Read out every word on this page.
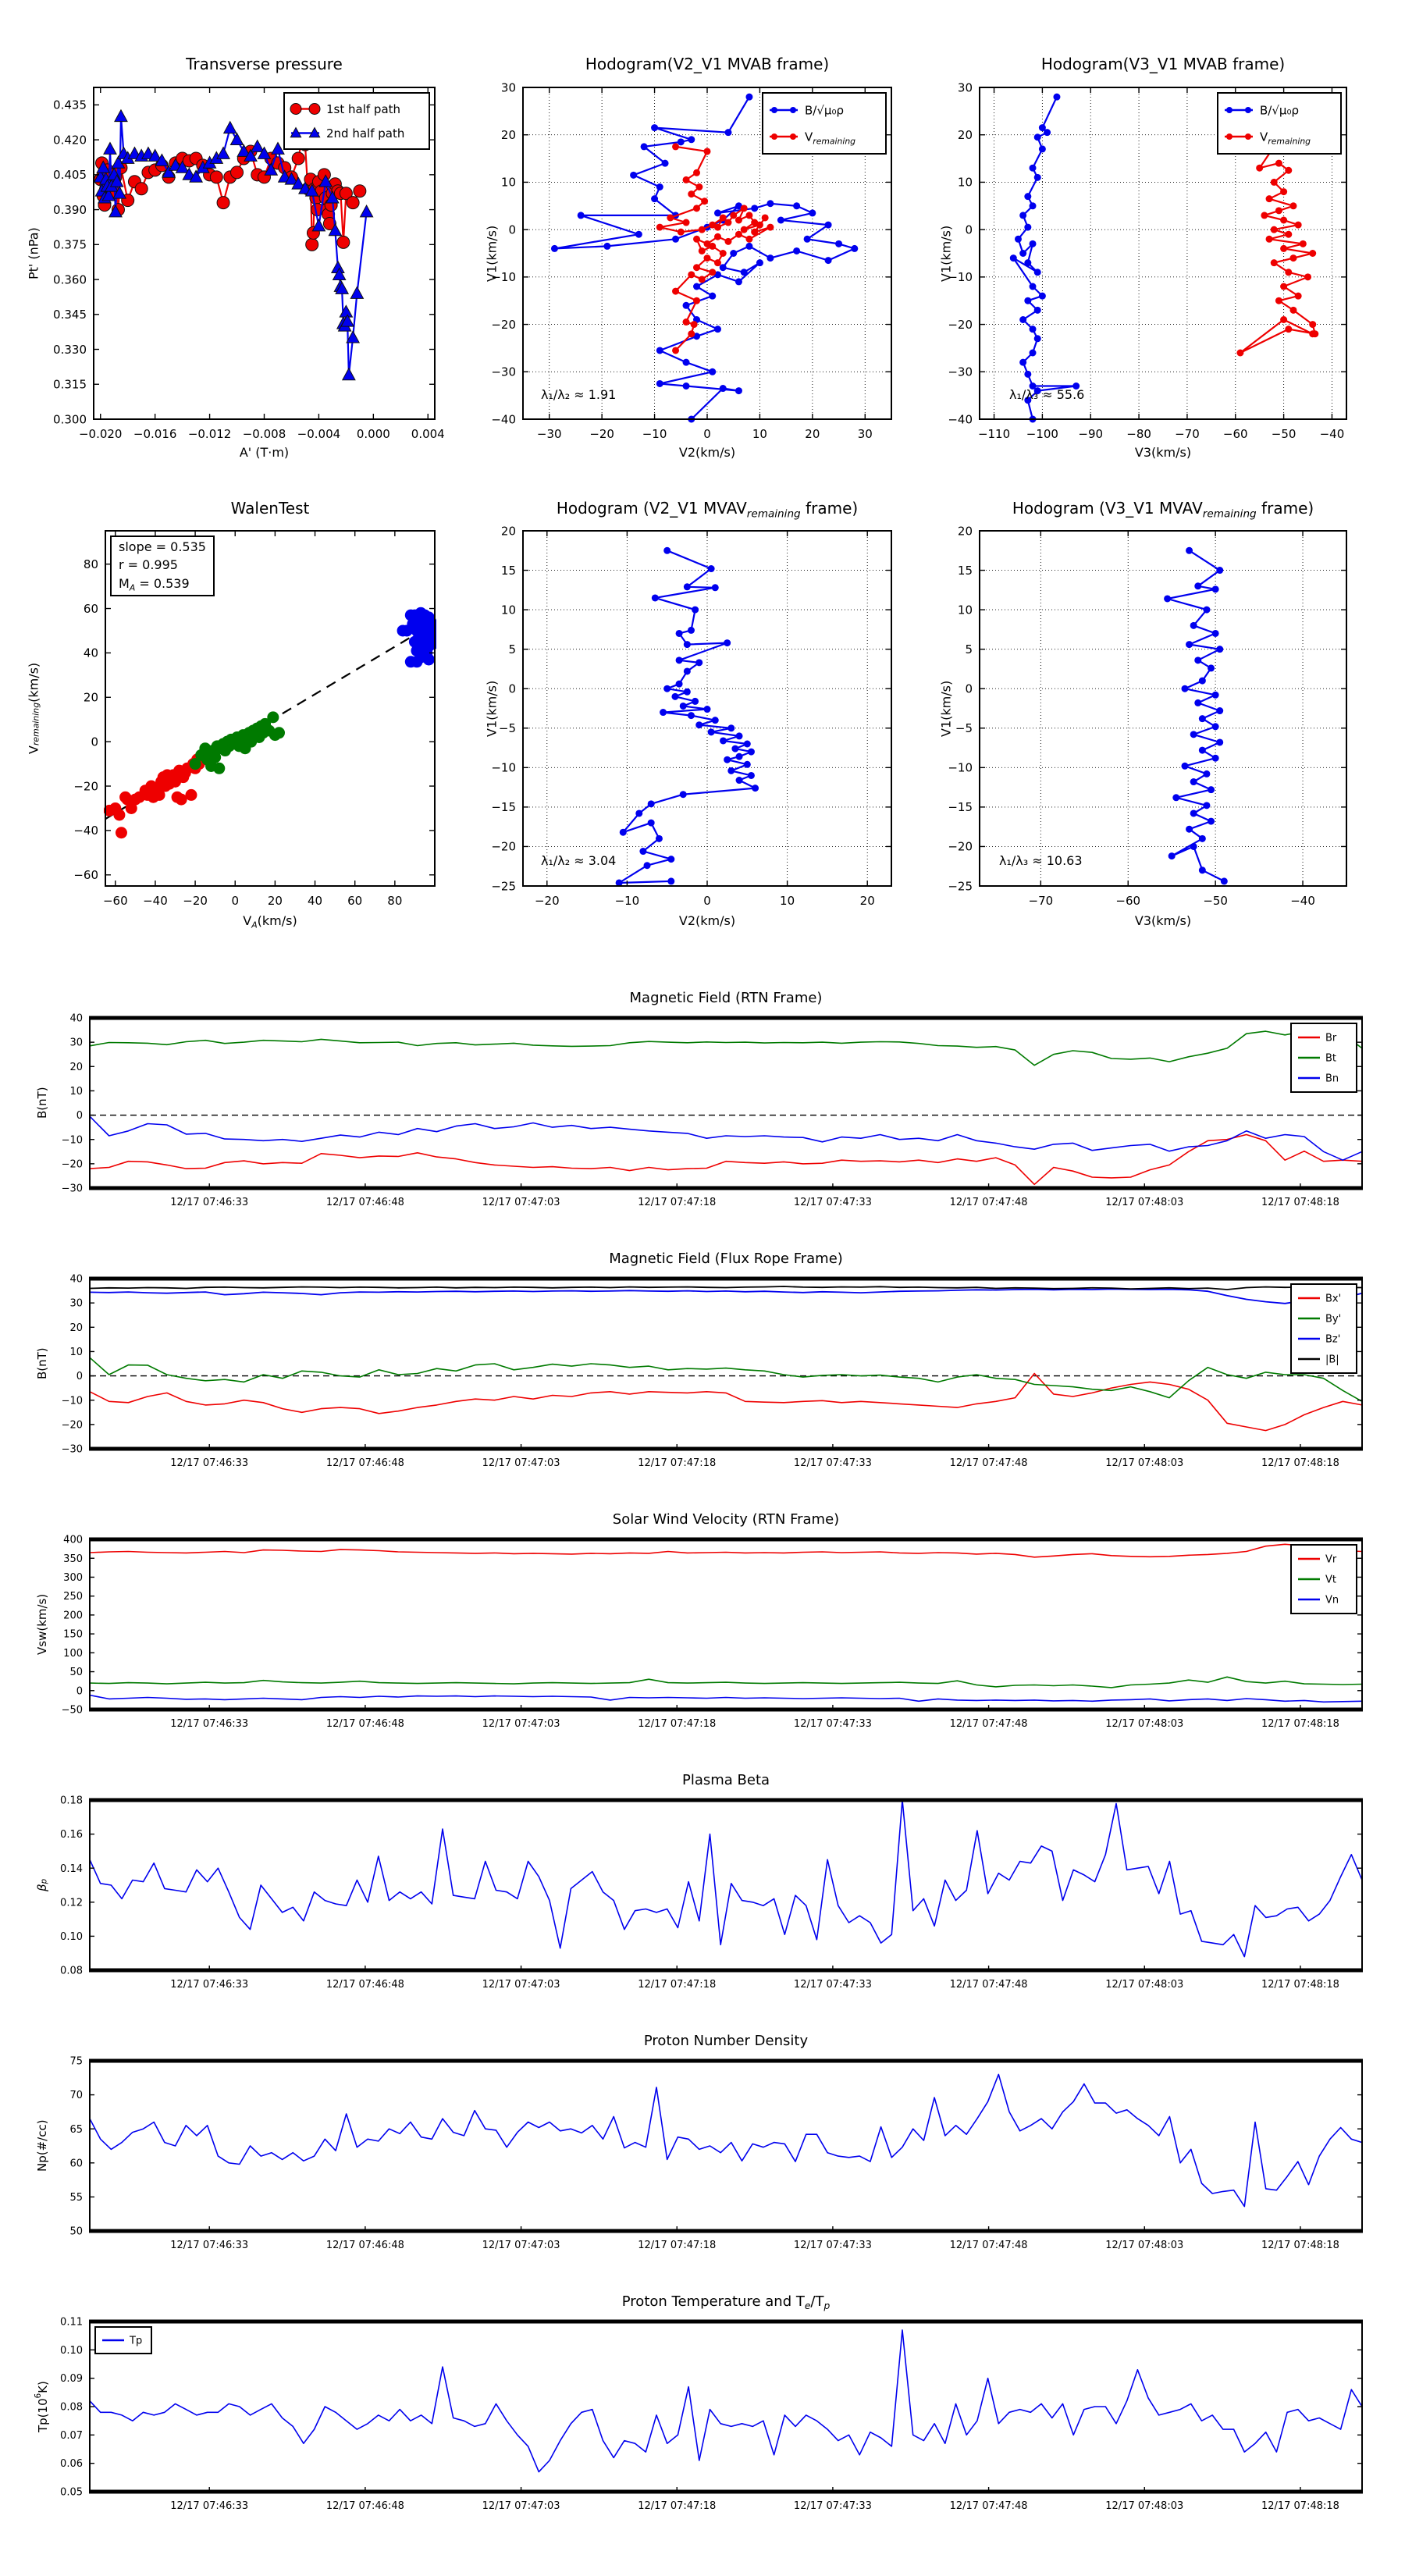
−0.020 −0.016 −0.012 −0.008 −0.004 0.000 0.004
0.300
0.315
0.330
0.345
0.360
0.375
0.390
0.405
0.420
0.435	1st half path
2nd half path
Transverse pressure
Pt' (nPa)
A' (T·m)
−30 −20 −10	0	10	20	30
−40
−30
−20
−10
0
10
20
30
B/√μ₀ρ
$V_{remaining}$
Hodogram(V2_V1 MVAB frame)
V1(km/s)
V2(km/s)
λ₁/λ₂ ≈ 1.91
−110 −100 −90 −80 −70 −60 −50 −40
−40
−30
−20
−10
0
10
20
30
B/√μ₀ρ
$V_{remaining}$
Hodogram(V3_V1 MVAB frame)
V1(km/s)
V3(km/s)
λ₁/λ₃ ≈ 55.6
−60 −40 −20 0 20 40 60 80
−60
−40
−20
0
20
40
60
80
WalenTest
$V_{remaining}(km/s)$
$V_A(km/s)$
slope = 0.535
r = 0.995
$M_A = 0.539$
−20	−10	0	10	20
−25
−20
−15
−10
−5
0
5
10
15
20
Hodogram (V2_V1 $MVAV_{remaining}$ frame)
V1(km/s)
V2(km/s)
λ₁/λ₂ ≈ 3.04
−70	−60	−50	−40
−25
−20
−15
−10
−5
0
5
10
15
20
Hodogram (V3_V1 $MVAV_{remaining}$ frame)
V1(km/s)
V3(km/s)
λ₁/λ₃ ≈ 10.63
12/17 07:46:33	12/17 07:46:48	12/17 07:47:03	12/17 07:47:18	12/17 07:47:33	12/17 07:47:48	12/17 07:48:03	12/17 07:48:18
−30
−20
−10
0
10
20
30
40
Br
Bt
Bn
Magnetic Field (RTN Frame)
B(nT)
12/17 07:46:33	12/17 07:46:48	12/17 07:47:03	12/17 07:47:18	12/17 07:47:33	12/17 07:47:48	12/17 07:48:03	12/17 07:48:18
−30
−20
−10
0
10
20
30
40
Bx'
By'
Bz'
|B|
Magnetic Field (Flux Rope Frame)
B(nT)
12/17 07:46:33	12/17 07:46:48	12/17 07:47:03	12/17 07:47:18	12/17 07:47:33	12/17 07:47:48	12/17 07:48:03	12/17 07:48:18
−50
0
50
100
150
200
250
300
350
400
Vr
Vt
Vn
Solar Wind Velocity (RTN Frame)
Vsw(km/s)
12/17 07:46:33	12/17 07:46:48	12/17 07:47:03	12/17 07:47:18	12/17 07:47:33	12/17 07:47:48	12/17 07:48:03	12/17 07:48:18
0.08
0.10
0.12
0.14
0.16
0.18
Plasma Beta
$\beta_p$
12/17 07:46:33	12/17 07:46:48	12/17 07:47:03	12/17 07:47:18	12/17 07:47:33	12/17 07:47:48	12/17 07:48:03	12/17 07:48:18
50
55
60
65
70
75
Proton Number Density
Np(#/cc)
12/17 07:46:33	12/17 07:46:48	12/17 07:47:03	12/17 07:47:18	12/17 07:47:33	12/17 07:47:48	12/17 07:48:03	12/17 07:48:18
0.05
0.06
0.07
0.08
0.09
0.10
0.11
Tp
Proton Temperature and $T_e/T_p$
$Tp(10^6K)$
